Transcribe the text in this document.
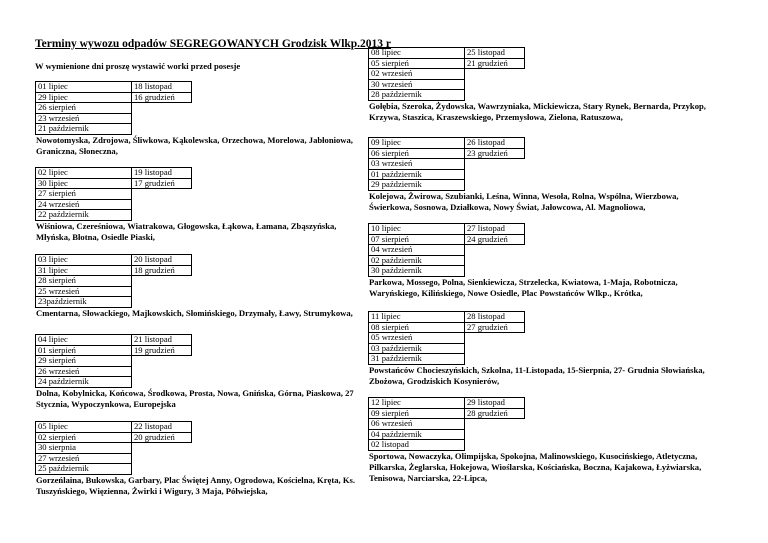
Terminy wywozu odpadów SEGREGOWANYCH Grodzisk Wlkp.2013 r
W wymienione dni proszę wystawić worki przed posesje
01 lipiec	18 listopad
29 lipiec	16 grudzień
26 sierpień	
23 wrzesień	
21 październik	
Nowotomyska, Zdrojowa, Śliwkowa, Kąkolewska, Orzechowa, Morelowa, Jabłoniowa, Graniczna, Słoneczna,
02 lipiec	19 listopad
30 lipiec	17 grudzień
27 sierpień	
24 wrzesień	
22 październik	
Wiśniowa, Czereśniowa, Wiatrakowa, Głogowska, Łąkowa, Łamana, Zbąszyńska, Młyńska, Błotna, Osiedle Piaski,
03 lipiec	20 listopad
31 lipiec	18 grudzień
28 sierpień	
25 wrzesień	
23październik	
Cmentarna, Słowackiego, Majkowskich, Słomińskiego, Drzymały, Ławy, Strumykowa,
04 lipiec	21 listopad
01 sierpień	19 grudzień
29 sierpień	
26 wrzesień	
24 październik	
Dolna, Kobylnicka, Końcowa, Środkowa, Prosta, Nowa, Gnińska, Górna, Piaskowa, 27 Stycznia, Wypoczynkowa, Europejska
05 lipiec	22 listopad
02 sierpień	20 grudzień
30 sierpnia	
27 wrzesień	
25 październik	
Gorzeńlaina, Bukowska, Garbary, Plac Świętej Anny, Ogrodowa, Kościelna, Kręta, Ks. Tuszyńskiego, Więzienna, Żwirki i Wigury, 3 Maja, Półwiejska,
08 lipiec	25 listopad
05 sierpień	21 grudzień
02 wrzesień	
30 wrzesień	
28 październik	
Gołębia, Szeroka, Żydowska, Wawrzyniaka, Mickiewicza, Stary Rynek, Bernarda, Przykop, Krzywa, Staszica, Kraszewskiego, Przemysłowa, Zielona, Ratuszowa,
09 lipiec	26 listopad
06 sierpień	23 grudzień
03 wrzesień	
01 październik	
29 październik	
Kolejowa, Żwirowa, Szubianki, Leśna, Winna, Wesoła, Rolna, Wspólna, Wierzbowa, Świerkowa, Sosnowa, Działkowa, Nowy Świat, Jałowcowa, Al. Magnoliowa,
10 lipiec	27 listopad
07 sierpień	24 grudzień
04 wrzesień	
02 październik	
30 październik	
Parkowa, Mossego, Polna, Sienkiewicza, Strzelecka, Kwiatowa, 1-Maja, Robotnicza, Waryńskiego, Kilińskiego, Nowe Osiedle, Plac Powstańców Wlkp., Krótka,
11 lipiec	28 listopad
08 sierpień	27 grudzień
05 wrzesień	
03 październik	
31 październik	
Powstańców Chocieszyńskich, Szkolna, 11-Listopada, 15-Sierpnia, 27- Grudnia Słowiańska, Zbożowa, Grodziskich Kosynierów,
12 lipiec	29 listopad
09 sierpień	28 grudzień
06 wrzesień	
04 październik	
02 listopad	
Sportowa, Nowaczyka, Olimpijska, Spokojna, Malinowskiego, Kusocińskiego, Atletyczna, Pilkarska, Żeglarska, Hokejowa, Wioślarska, Kościańska, Boczna, Kajakowa, Łyżwiarska, Tenisowa, Narciarska, 22-Lipca,
